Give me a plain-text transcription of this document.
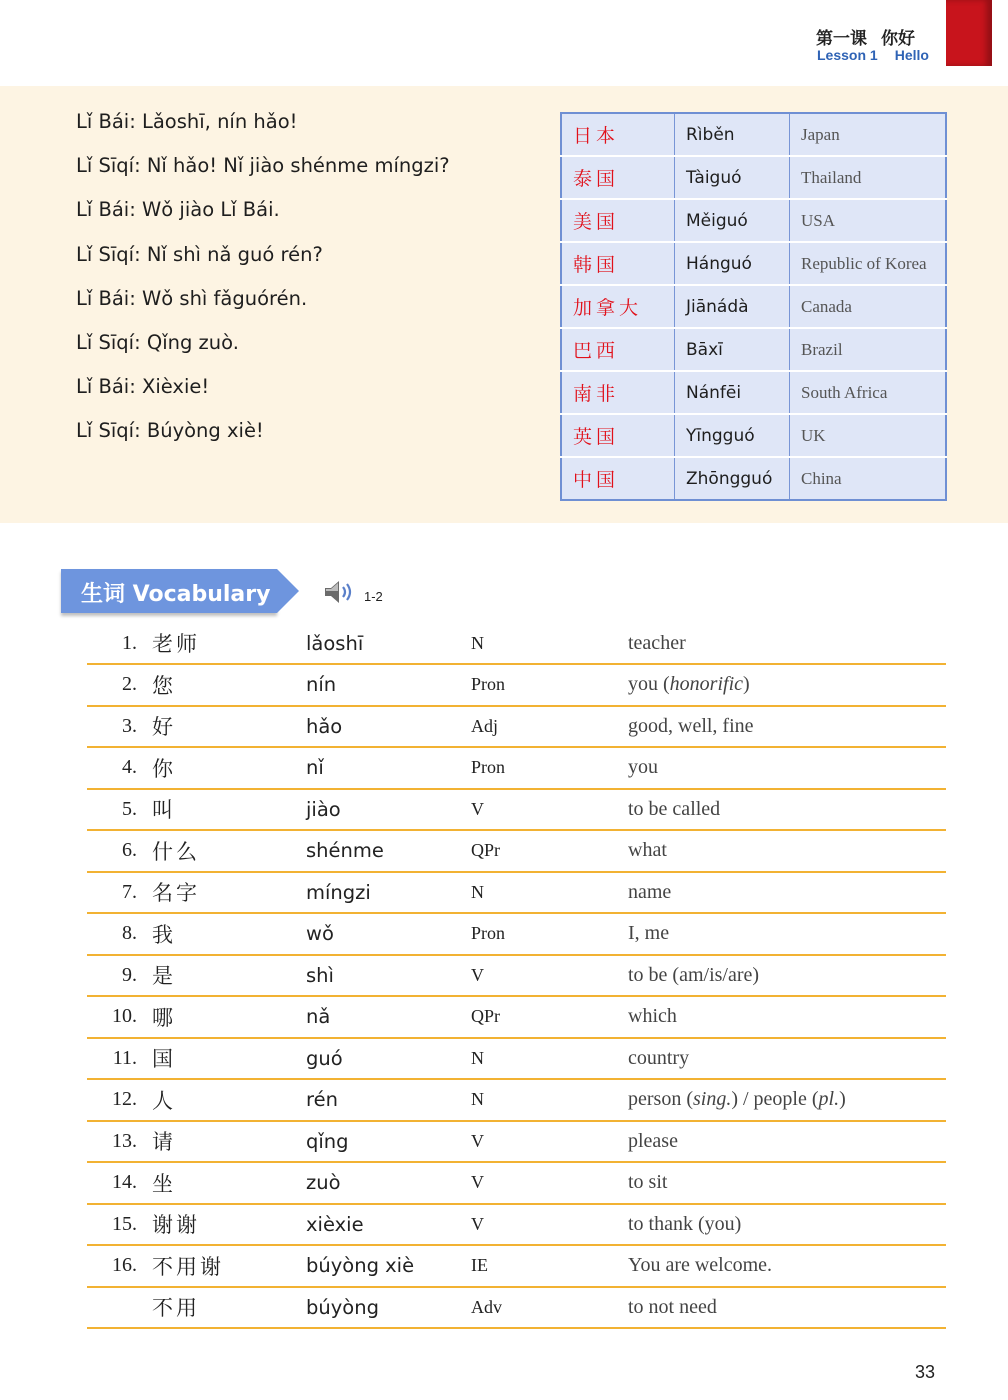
第一课 你好
Lesson 1 Hello
Lǐ Bái: Lǎoshī, nín hǎo!
Lǐ Sīqí: Nǐ hǎo! Nǐ jiào shénme míngzi?
Lǐ Bái: Wǒ jiào Lǐ Bái.
Lǐ Sīqí: Nǐ shì nǎ guó rén?
Lǐ Bái: Wǒ shì fǎguórén.
Lǐ Sīqí: Qǐng zuò.
Lǐ Bái: Xièxie!
Lǐ Sīqí: Búyòng xiè!
日本	Rìběn	Japan
泰国	Tàiguó	Thailand
美国	Měiguó	USA
韩国	Hánguó	Republic of Korea
加拿大	Jiānádà	Canada
巴西	Bāxī	Brazil
南非	Nánfēi	South Africa
英国	Yīngguó	UK
中国	Zhōngguó	China
生词 Vocabulary	1-2
1.	老师	lǎoshī	N	teacher
2.	您	nín	Pron	you (honorific)
3.	好	hǎo	Adj	good, well, fine
4.	你	nǐ	Pron	you
5.	叫	jiào	V	to be called
6.	什么	shénme	QPr	what
7.	名字	míngzi	N	name
8.	我	wǒ	Pron	I, me
9.	是	shì	V	to be (am/is/are)
10.	哪	nǎ	QPr	which
11.	国	guó	N	country
12.	人	rén	N	person (sing.) / people (pl.)
13.	请	qǐng	V	please
14.	坐	zuò	V	to sit
15.	谢谢	xièxie	V	to thank (you)
16.	不用谢	búyòng xiè	IE	You are welcome.
	不用	búyòng	Adv	to not need
33
